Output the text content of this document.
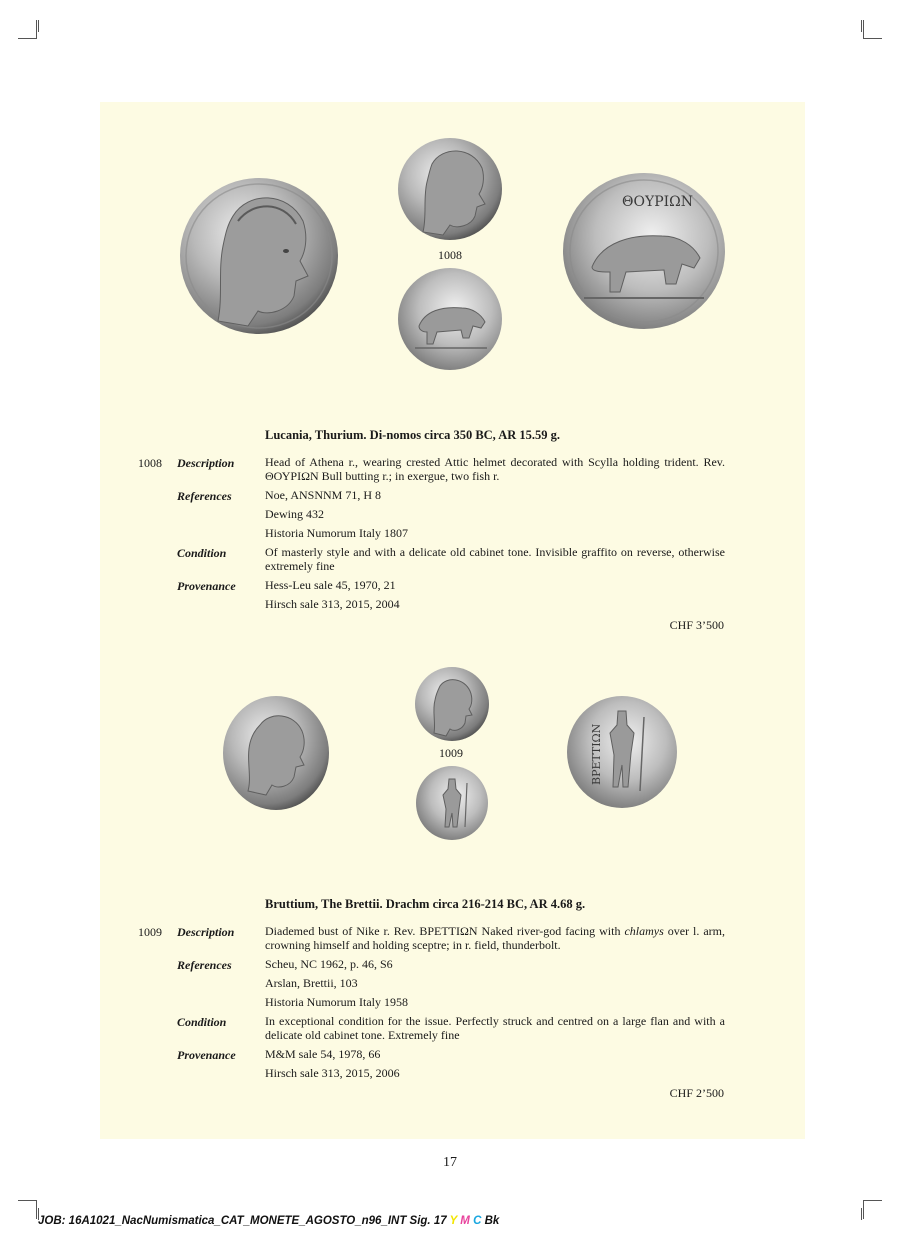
1008
ΘΟΥΡΙΩΝ
Lucania, Thurium. Di-nomos circa 350 BC, AR 15.59 g.
1008 Description	Head of Athena r., wearing crested Attic helmet decorated with Scylla holding trident. Rev. ΘΟΥΡΙΩΝ Bull butting r.; in exergue, two fish r.
References	Noe, ANSNNM 71, H 8
Dewing 432
Historia Numorum Italy 1807
Condition	Of masterly style and with a delicate old cabinet tone. Invisible graffito on reverse, otherwise extremely fine
Provenance Hess-Leu sale 45, 1970, 21
Hirsch sale 313, 2015, 2004
CHF 3’500
1009	ΒΡΕΤΤΙΩΝ
Bruttium, The Brettii. Drachm circa 216-214 BC, AR 4.68 g.
1009 Description	Diademed bust of Nike r. Rev. ΒΡΕΤΤΙΩΝ Naked river-god facing with chlamys over l. arm, crowning himself and holding sceptre; in r. field, thunderbolt.
References	Scheu, NC 1962, p. 46, S6
Arslan, Brettii, 103
Historia Numorum Italy 1958
Condition	In exceptional condition for the issue. Perfectly struck and centred on a large flan and with a delicate old cabinet tone. Extremely fine
Provenance M&M sale 54, 1978, 66
Hirsch sale 313, 2015, 2006
CHF 2’500
17
JOB: 16A1021_NacNumismatica_CAT_MONETE_AGOSTO_n96_INT Sig. 17 Y M C Bk
